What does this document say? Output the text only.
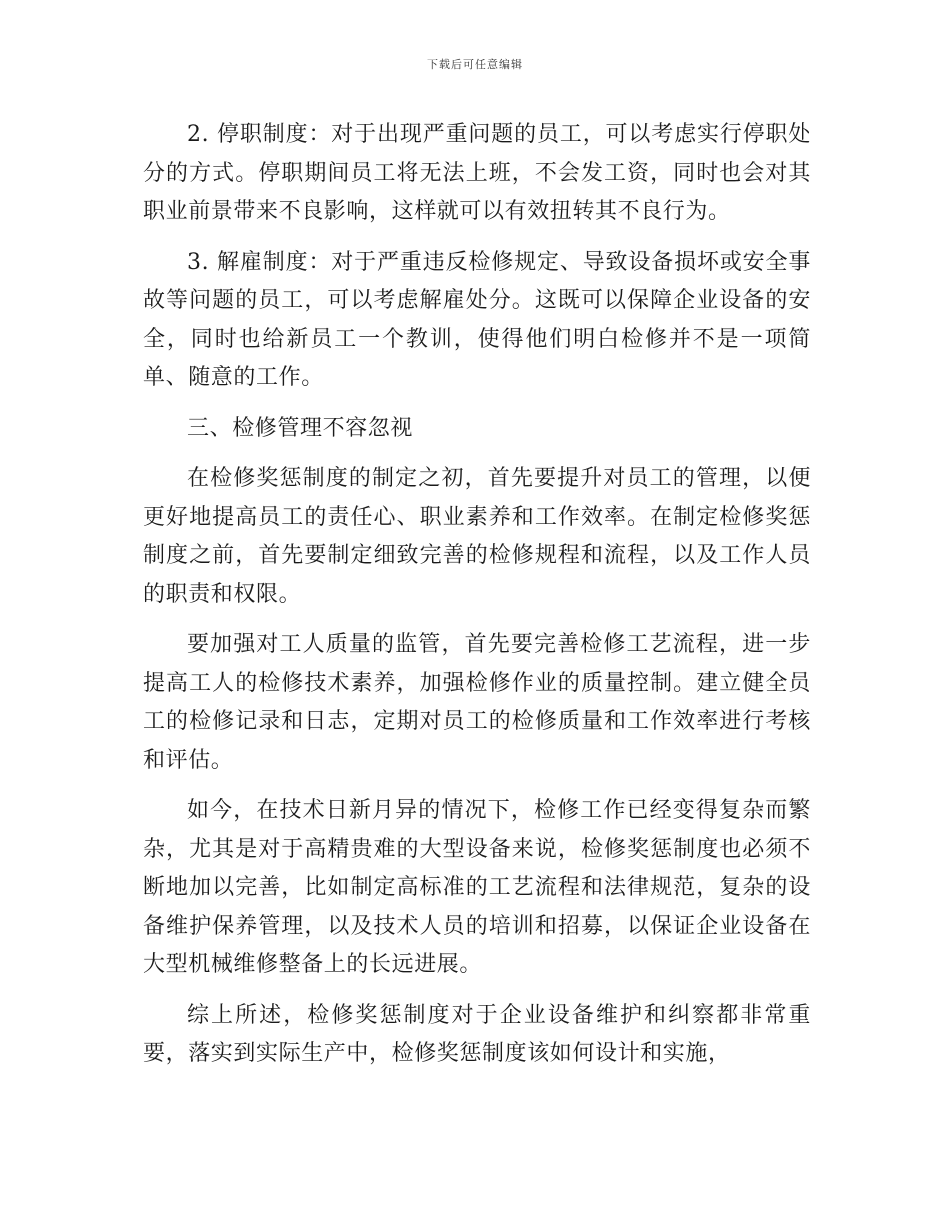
下载后可任意编辑

2. 停职制度：对于出现严重问题的员工，可以考虑实行停职处分的方式。停职期间员工将无法上班，不会发工资，同时也会对其职业前景带来不良影响，这样就可以有效扭转其不良行为。

3. 解雇制度：对于严重违反检修规定、导致设备损坏或安全事故等问题的员工，可以考虑解雇处分。这既可以保障企业设备的安全，同时也给新员工一个教训，使得他们明白检修并不是一项简单、随意的工作。

三、检修管理不容忽视

在检修奖惩制度的制定之初，首先要提升对员工的管理，以便更好地提高员工的责任心、职业素养和工作效率。在制定检修奖惩制度之前，首先要制定细致完善的检修规程和流程，以及工作人员的职责和权限。

要加强对工人质量的监管，首先要完善检修工艺流程，进一步提高工人的检修技术素养，加强检修作业的质量控制。建立健全员工的检修记录和日志，定期对员工的检修质量和工作效率进行考核和评估。

如今，在技术日新月异的情况下，检修工作已经变得复杂而繁杂，尤其是对于高精贵难的大型设备来说，检修奖惩制度也必须不断地加以完善，比如制定高标准的工艺流程和法律规范，复杂的设备维护保养管理，以及技术人员的培训和招募，以保证企业设备在大型机械维修整备上的长远进展。

综上所述，检修奖惩制度对于企业设备维护和纠察都非常重要，落实到实际生产中，检修奖惩制度该如何设计和实施，
